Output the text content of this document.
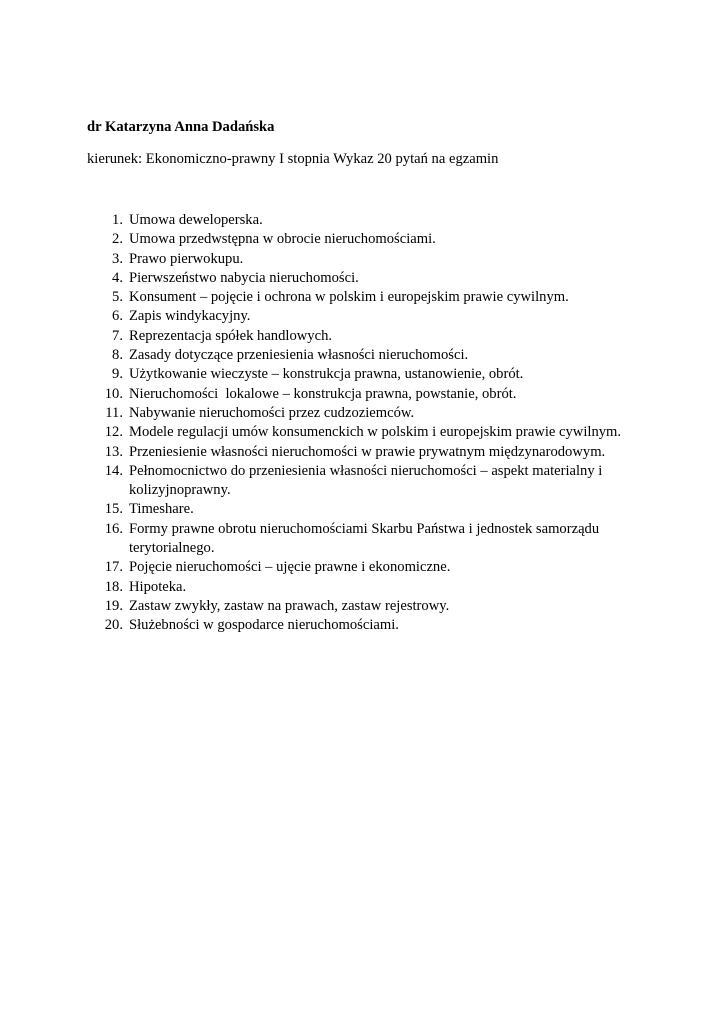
dr Katarzyna Anna Dadańska

kierunek: Ekonomiczno-prawny I stopnia Wykaz 20 pytań na egzamin

1. Umowa deweloperska.
2. Umowa przedwstępna w obrocie nieruchomościami.
3. Prawo pierwokupu.
4. Pierwszeństwo nabycia nieruchomości.
5. Konsument – pojęcie i ochrona w polskim i europejskim prawie cywilnym.
6. Zapis windykacyjny.
7. Reprezentacja spółek handlowych.
8. Zasady dotyczące przeniesienia własności nieruchomości.
9. Użytkowanie wieczyste – konstrukcja prawna, ustanowienie, obrót.
10. Nieruchomości  lokalowe – konstrukcja prawna, powstanie, obrót.
11. Nabywanie nieruchomości przez cudzoziemców.
12. Modele regulacji umów konsumenckich w polskim i europejskim prawie cywilnym.
13. Przeniesienie własności nieruchomości w prawie prywatnym międzynarodowym.
14. Pełnomocnictwo do przeniesienia własności nieruchomości – aspekt materialny i kolizyjnoprawny.
15. Timeshare.
16. Formy prawne obrotu nieruchomościami Skarbu Państwa i jednostek samorządu terytorialnego.
17. Pojęcie nieruchomości – ujęcie prawne i ekonomiczne.
18. Hipoteka.
19. Zastaw zwykły, zastaw na prawach, zastaw rejestrowy.
20. Służebności w gospodarce nieruchomościami.
